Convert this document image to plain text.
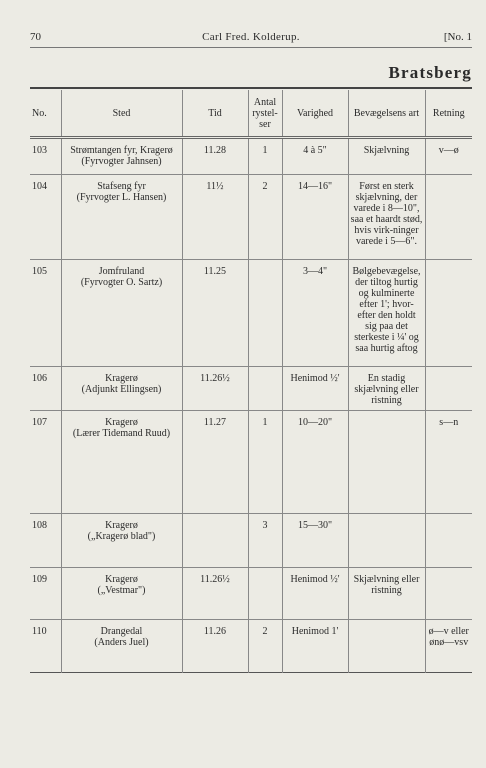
70	Carl Fred. Kolderup.	[No. 1
Bratsberg
No.	Sted	Tid	Antal rystel-ser	Varighed	Bevægelsens art	Retning
103	Strømtangen fyr, Kragerø
(Fyrvogter Jahnsen)	11.28	1	4 à 5"	Skjælvning	v—ø
104	Stafseng fyr
(Fyrvogter L. Hansen)	11½	2	14—16"	Først en sterk skjælvning, der varede i 8—10", saa et haardt stød, hvis virk-ninger varede i 5—6".	
105	Jomfruland
(Fyrvogter O. Sartz)	11.25		3—4"	Bølgebevægelse, der tiltog hurtig og kulminerte efter 1'; hvor-efter den holdt sig paa det sterkeste i ¼' og saa hurtig aftog	
106	Kragerø
(Adjunkt Ellingsen)	11.26½		Henimod ½'	En stadig skjælvning eller ristning	
107	Kragerø
(Lærer Tidemand Ruud)	11.27	1	10—20"		s—n
108	Kragerø
(„Kragerø blad")		3	15—30"		
109	Kragerø
(„Vestmar")	11.26½		Henimod ½'	Skjælvning eller ristning	
110	Drangedal
(Anders Juel)	11.26	2	Henimod 1'		ø—v eller ønø—vsv
